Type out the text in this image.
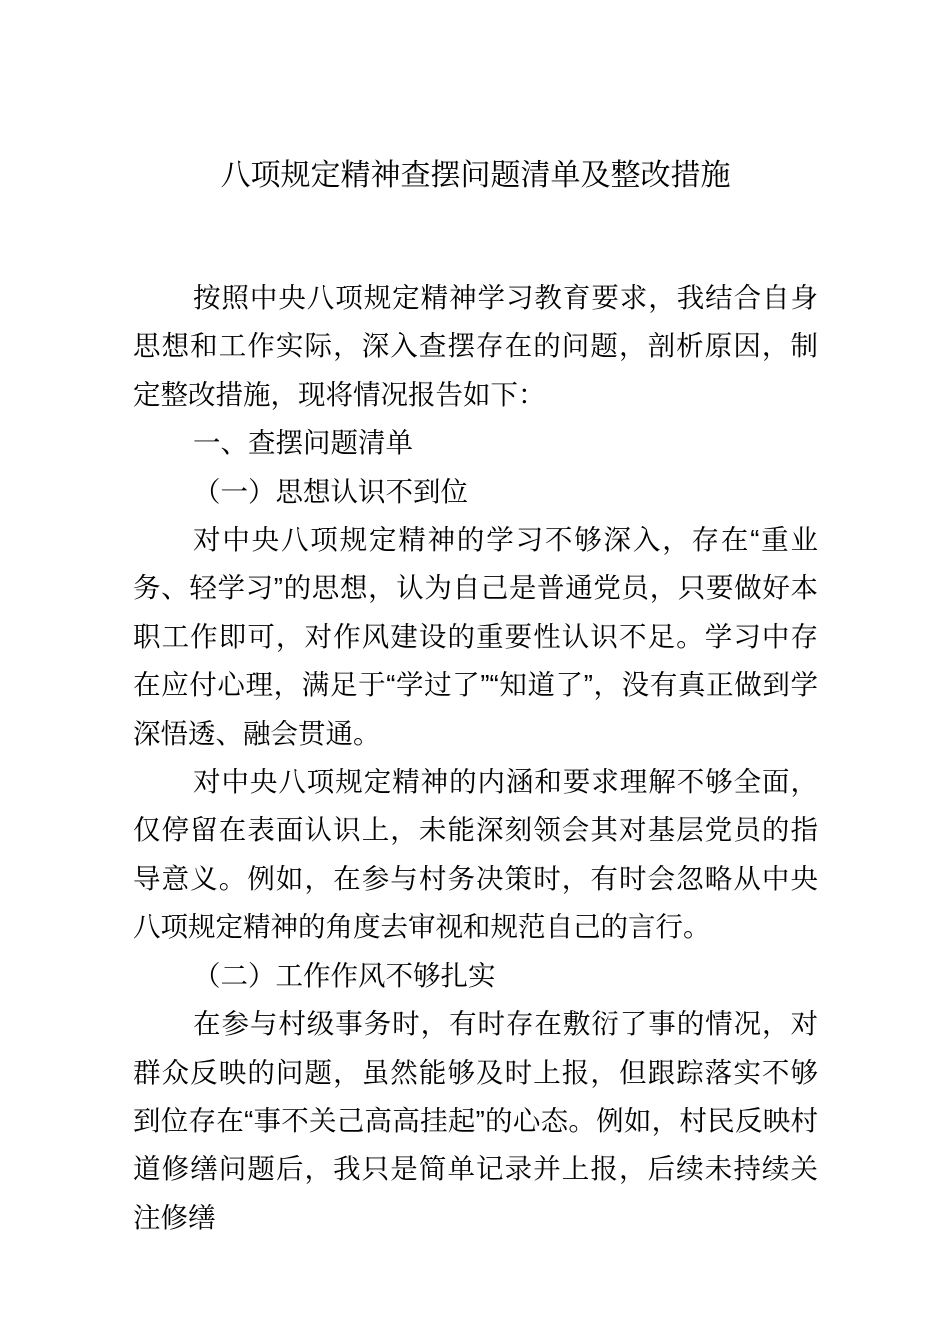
八项规定精神查摆问题清单及整改措施

按照中央八项规定精神学习教育要求，我结合自身思想和工作实际，深入查摆存在的问题，剖析原因，制定整改措施，现将情况报告如下：

一、查摆问题清单

（一）思想认识不到位

对中央八项规定精神的学习不够深入，存在“重业务、轻学习”的思想，认为自己是普通党员，只要做好本职工作即可，对作风建设的重要性认识不足。学习中存在应付心理，满足于“学过了”“知道了”，没有真正做到学深悟透、融会贯通。

对中央八项规定精神的内涵和要求理解不够全面，仅停留在表面认识上，未能深刻领会其对基层党员的指导意义。例如，在参与村务决策时，有时会忽略从中央八项规定精神的角度去审视和规范自己的言行。

（二）工作作风不够扎实

在参与村级事务时，有时存在敷衍了事的情况，对群众反映的问题，虽然能够及时上报，但跟踪落实不够到位存在“事不关己高高挂起”的心态。例如，村民反映村道修缮问题后，我只是简单记录并上报，后续未持续关注修缮
